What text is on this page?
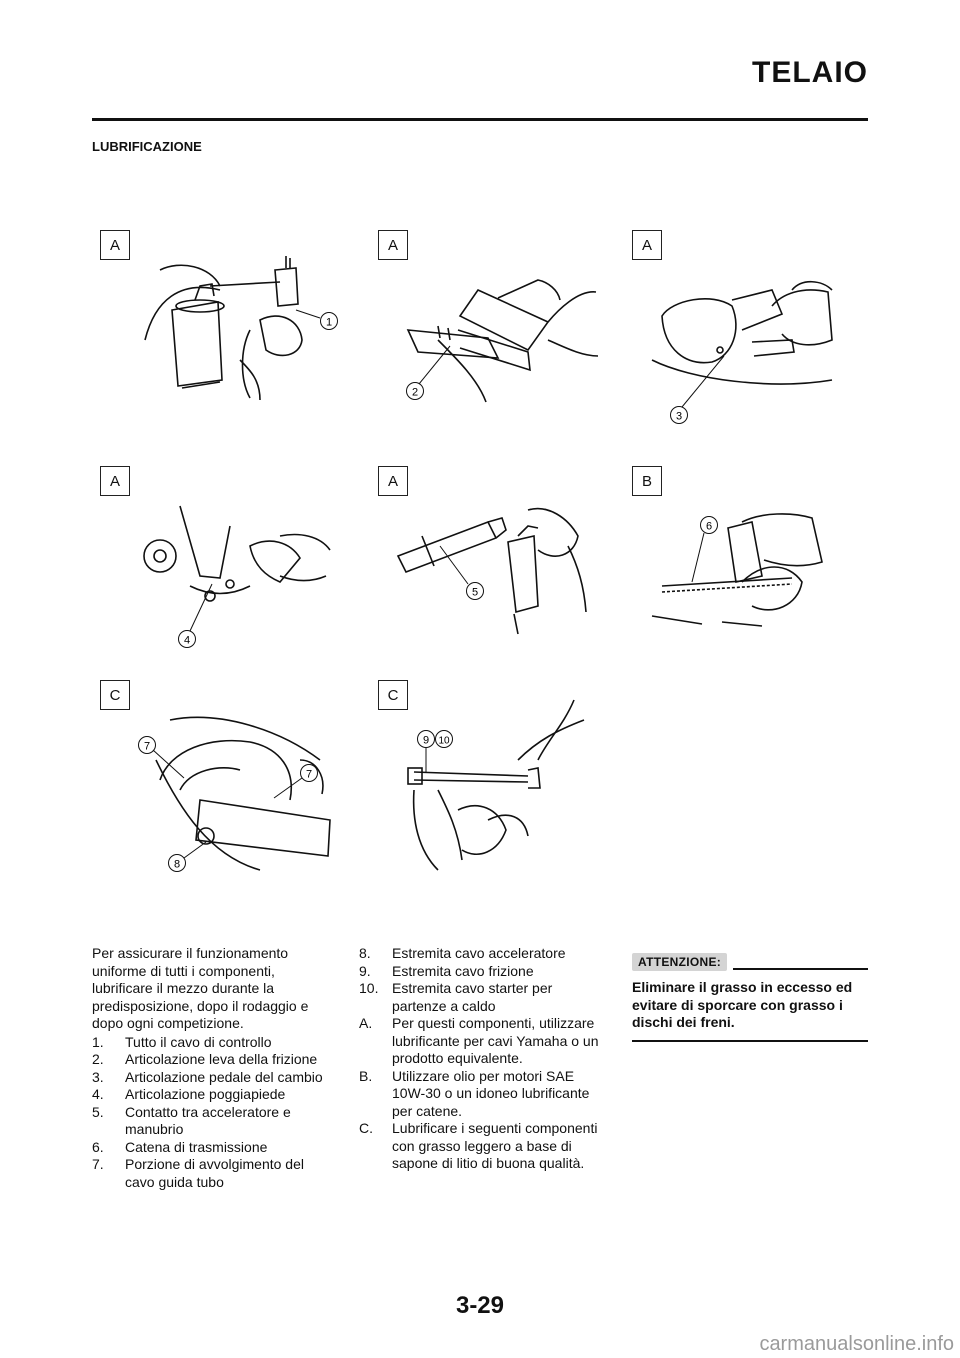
TELAIO
LUBRIFICAZIONE
A
1
A
2
A
3
A
4
A
5
B
6
C
7
7
8
C
9 10

Per assicurare il funzionamento uniforme di tutti i componenti, lubrificare il mezzo durante la predisposizione, dopo il rodaggio e dopo ogni competizione.

1.	Tutto il cavo di controllo
2.	Articolazione leva della frizione
3.	Articolazione pedale del cambio
4.	Articolazione poggiapiede
5.	Contatto tra acceleratore e manubrio
6.	Catena di trasmissione
7.	Porzione di avvolgimento del cavo guida tubo
8.	Estremita cavo acceleratore
9.	Estremita cavo frizione
10. Estremita cavo starter per partenze a caldo
A.	Per questi componenti, utilizzare lubrificante per cavi Yamaha o un prodotto equivalente.
B.	Utilizzare olio per motori SAE 10W-30 o un idoneo lubrificante per catene.
C.	Lubrificare i seguenti componenti con grasso leggero a base di sapone di litio di buona qualità.
ATTENZIONE:
Eliminare il grasso in eccesso ed evitare di sporcare con grasso i dischi dei freni.
3-29
carmanualsonline.info
